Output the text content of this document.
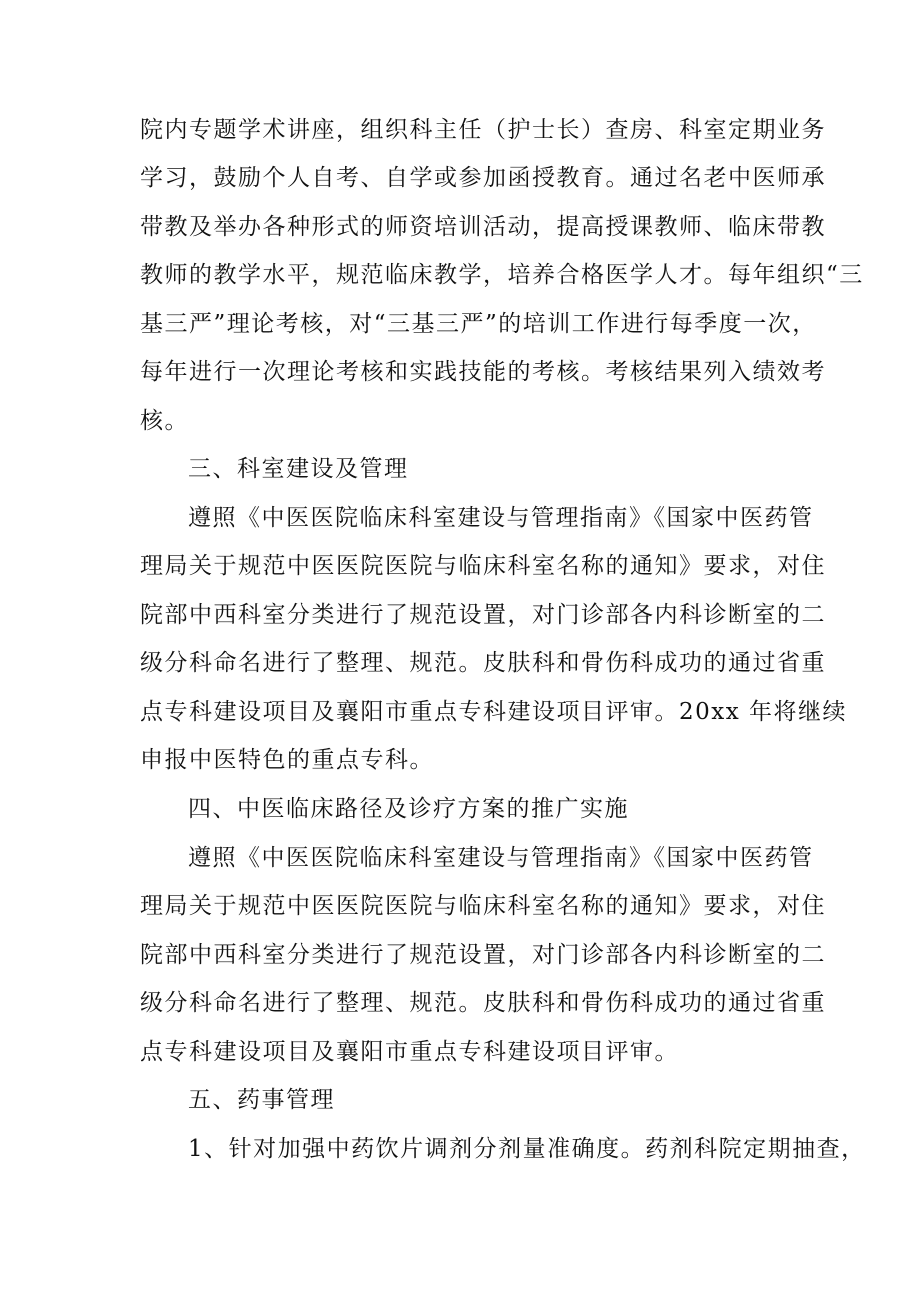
院内专题学术讲座，组织科主任（护士长）查房、科室定期业务
学习，鼓励个人自考、自学或参加函授教育。通过名老中医师承
带教及举办各种形式的师资培训活动，提高授课教师、临床带教
教师的教学水平，规范临床教学，培养合格医学人才。每年组织“三
基三严”理论考核，对“三基三严”的培训工作进行每季度一次，
每年进行一次理论考核和实践技能的考核。考核结果列入绩效考
核。
三、科室建设及管理
遵照《中医医院临床科室建设与管理指南》《国家中医药管
理局关于规范中医医院医院与临床科室名称的通知》要求，对住
院部中西科室分类进行了规范设置，对门诊部各内科诊断室的二
级分科命名进行了整理、规范。皮肤科和骨伤科成功的通过省重
点专科建设项目及襄阳市重点专科建设项目评审。20xx 年将继续
申报中医特色的重点专科。
四、中医临床路径及诊疗方案的推广实施
遵照《中医医院临床科室建设与管理指南》《国家中医药管
理局关于规范中医医院医院与临床科室名称的通知》要求，对住
院部中西科室分类进行了规范设置，对门诊部各内科诊断室的二
级分科命名进行了整理、规范。皮肤科和骨伤科成功的通过省重
点专科建设项目及襄阳市重点专科建设项目评审。
五、药事管理
1、针对加强中药饮片调剂分剂量准确度。药剂科院定期抽查，
